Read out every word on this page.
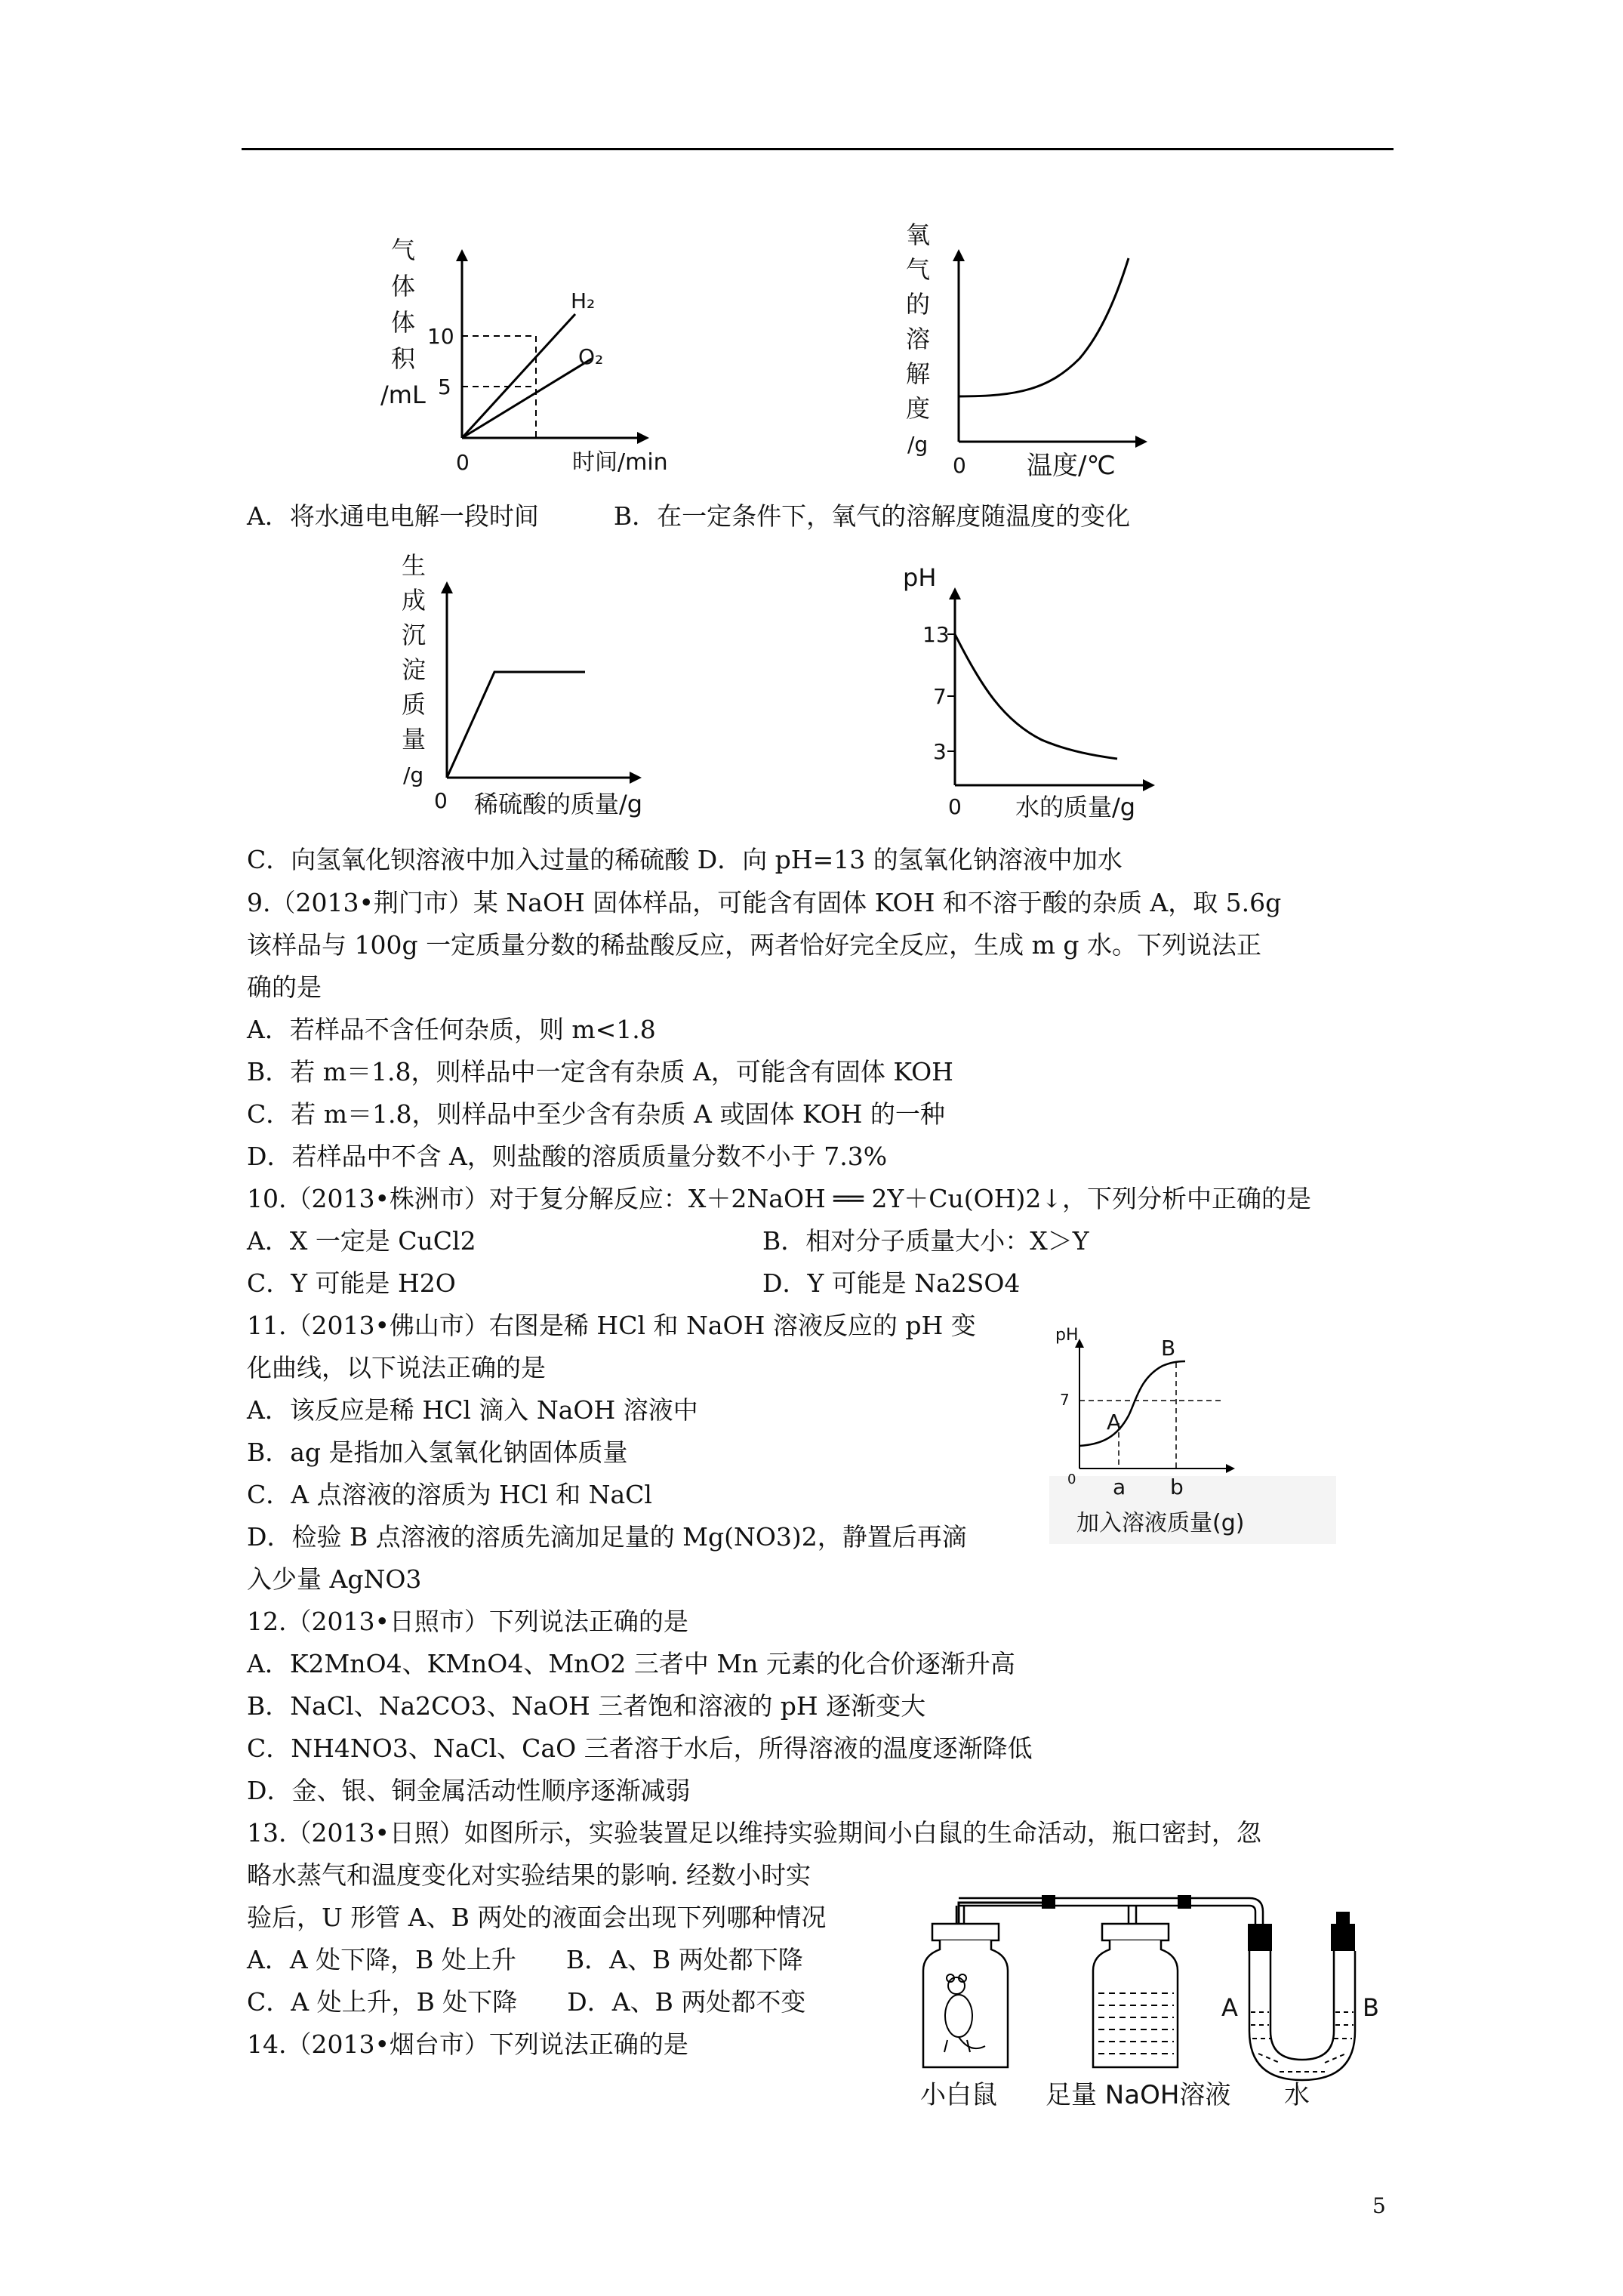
气
体
体
积
/mL
10
5
H₂
O₂
0	时间/min
氧
气
的
溶
解
度
/g
0 温度/℃
A．将水通电电解一段时间　　　B．在一定条件下，氧气的溶解度随温度的变化
生
成
沉
淀
质
量
/g
0 稀硫酸的质量/g
pH
13
7
3
0 水的质量/g
C．向氢氧化钡溶液中加入过量的稀硫酸 D．向 pH=13 的氢氧化钠溶液中加水
9.（2013•荆门市）某 NaOH 固体样品，可能含有固体 KOH 和不溶于酸的杂质 A，取 5.6g
该样品与 100g 一定质量分数的稀盐酸反应，两者恰好完全反应，生成 m g 水。下列说法正
确的是
A．若样品不含任何杂质，则 m<1.8
B．若 m＝1.8，则样品中一定含有杂质 A，可能含有固体 KOH
C．若 m＝1.8，则样品中至少含有杂质 A 或固体 KOH 的一种
D．若样品中不含 A，则盐酸的溶质质量分数不小于 7.3%
10.（2013•株洲市）对于复分解反应：X＋2NaOH ══ 2Y＋Cu(OH)2↓，下列分析中正确的是
A．X 一定是 CuCl2	B．相对分子质量大小：X＞Y
C．Y 可能是 H2O	D．Y 可能是 Na2SO4
11.（2013•佛山市）右图是稀 HCl 和 NaOH 溶液反应的 pH 变
化曲线，以下说法正确的是
A．该反应是稀 HCl 滴入 NaOH 溶液中
B．ag 是指加入氢氧化钠固体质量
C．A 点溶液的溶质为 HCl 和 NaCl
D．检验 B 点溶液的溶质先滴加足量的 Mg(NO3)2，静置后再滴
入少量 AgNO3
pH
7
A
B
0 a b
加入溶液质量(g)
12.（2013•日照市）下列说法正确的是
A．K2MnO4、KMnO4、MnO2 三者中 Mn 元素的化合价逐渐升高
B．NaCl、Na2CO3、NaOH 三者饱和溶液的 pH 逐渐变大
C．NH4NO3、NaCl、CaO 三者溶于水后，所得溶液的温度逐渐降低
D．金、银、铜金属活动性顺序逐渐减弱
13.（2013•日照）如图所示，实验装置足以维持实验期间小白鼠的生命活动，瓶口密封，忽
略水蒸气和温度变化对实验结果的影响. 经数小时实
验后，U 形管 A、B 两处的液面会出现下列哪种情况
A．A 处下降，B 处上升　　B．A、B 两处都下降
C．A 处上升，B 处下降　　D．A、B 两处都不变
14.（2013•烟台市）下列说法正确的是
A	B
小白鼠 足量 NaOH溶液 水
5
